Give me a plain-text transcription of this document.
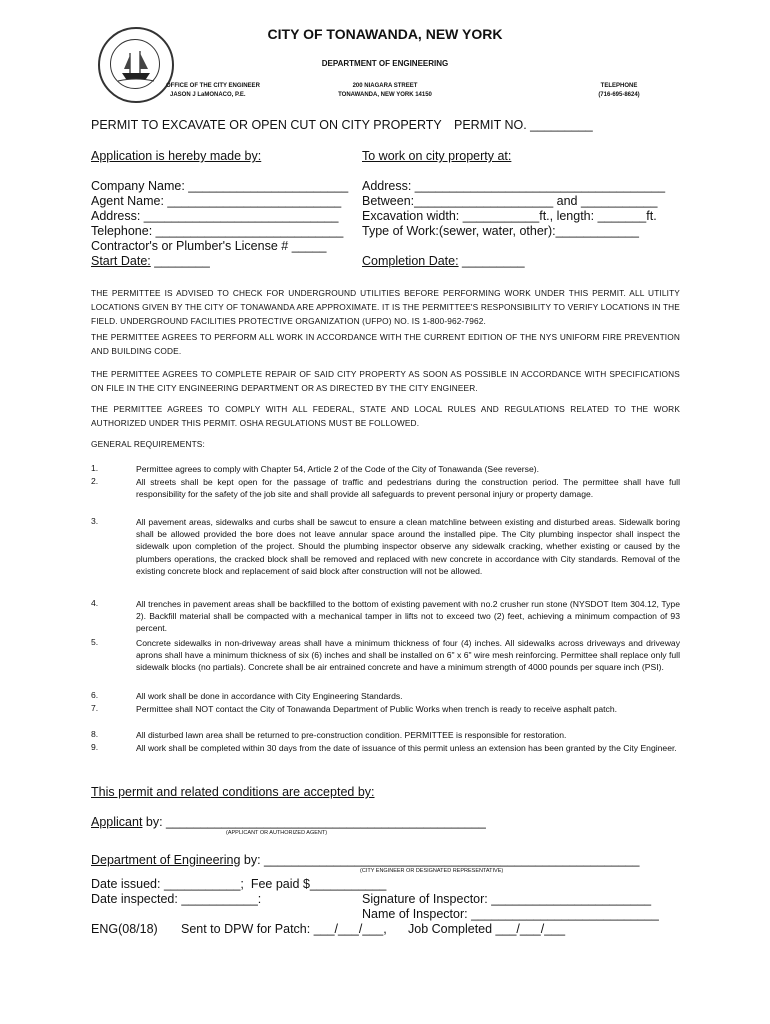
CITY OF TONAWANDA, NEW YORK
DEPARTMENT OF ENGINEERING
OFFICE OF THE CITY ENGINEER
JASON J LaMONACO, P.E.
200 NIAGARA STREET
TONAWANDA, NEW YORK 14150
TELEPHONE
(716-695-8624)
PERMIT TO EXCAVATE OR OPEN CUT ON CITY PROPERTY PERMIT NO. _________
Application is hereby made by:
Company Name: _______________________
Agent Name: _________________________
Address: ____________________________
Telephone: ___________________________
Contractor's or Plumber's License # _____
Start Date: ________
To work on city property at:
Address: ____________________________________
Between:____________________ and ___________
Excavation width: ___________ft., length: _______ft.
Type of Work:(sewer, water, other):____________
Completion Date: _________
THE PERMITTEE IS ADVISED TO CHECK FOR UNDERGROUND UTILITIES BEFORE PERFORMING WORK UNDER THIS PERMIT. ALL UTILITY LOCATIONS GIVEN BY THE CITY OF TONAWANDA ARE APPROXIMATE. IT IS THE PERMITTEE'S RESPONSIBILITY TO VERIFY LOCATIONS IN THE FIELD. UNDERGROUND FACILITIES PROTECTIVE ORGANIZATION (UFPO) NO. IS 1-800-962-7962.
THE PERMITTEE AGREES TO PERFORM ALL WORK IN ACCORDANCE WITH THE CURRENT EDITION OF THE NYS UNIFORM FIRE PREVENTION AND BUILDING CODE.
THE PERMITTEE AGREES TO COMPLETE REPAIR OF SAID CITY PROPERTY AS SOON AS POSSIBLE IN ACCORDANCE WITH SPECIFICATIONS ON FILE IN THE CITY ENGINEERING DEPARTMENT OR AS DIRECTED BY THE CITY ENGINEER.
THE PERMITTEE AGREES TO COMPLY WITH ALL FEDERAL, STATE AND LOCAL RULES AND REGULATIONS RELATED TO THE WORK AUTHORIZED UNDER THIS PERMIT. OSHA REGULATIONS MUST BE FOLLOWED.
GENERAL REQUIREMENTS:
1.	Permittee agrees to comply with Chapter 54, Article 2 of the Code of the City of Tonawanda (See reverse).
2.	All streets shall be kept open for the passage of traffic and pedestrians during the construction period. The permittee shall have full responsibility for the safety of the job site and shall provide all safeguards to prevent personal injury or property damage.
3.	All pavement areas, sidewalks and curbs shall be sawcut to ensure a clean matchline between existing and disturbed areas. Sidewalk boring shall be allowed provided the bore does not leave annular space around the installed pipe. The City plumbing inspector shall inspect the sidewalk upon completion of the project. Should the plumbing inspector observe any sidewalk cracking, whether existing or caused by the plumbers operations, the cracked block shall be removed and replaced with new concrete in accordance with City standards. Removal of the existing concrete block and replacement of said block after construction will not be allowed.
4.	All trenches in pavement areas shall be backfilled to the bottom of existing pavement with no.2 crusher run stone (NYSDOT Item 304.12, Type 2). Backfill material shall be compacted with a mechanical tamper in lifts not to exceed two (2) feet, achieving a minimum compaction of 93 percent.
5.	Concrete sidewalks in non-driveway areas shall have a minimum thickness of four (4) inches. All sidewalks across driveways and driveway aprons shall have a minimum thickness of six (6) inches and shall be installed on 6" x 6" wire mesh reinforcing. Permittee shall replace only full sidewalk blocks (no partials). Concrete shall be air entrained concrete and have a minimum strength of 4000 pounds per square inch (PSI).
6.	All work shall be done in accordance with City Engineering Standards.
7.	Permittee shall NOT contact the City of Tonawanda Department of Public Works when trench is ready to receive asphalt patch.
8.	All disturbed lawn area shall be returned to pre-construction condition. PERMITTEE is responsible for restoration.
9.	All work shall be completed within 30 days from the date of issuance of this permit unless an extension has been granted by the City Engineer.
This permit and related conditions are accepted by:
Applicant by: ______________________________________________
(APPLICANT OR AUTHORIZED AGENT)
Department of Engineering by: ______________________________________________________
(CITY ENGINEER OR DESIGNATED REPRESENTATIVE)
Date issued: ___________;  Fee paid $___________
Date inspected: ___________:	Signature of Inspector: _______________________
Name of Inspector: ___________________________
ENG(08/18) Sent to DPW for Patch: ___/___/___, Job Completed ___/___/___
